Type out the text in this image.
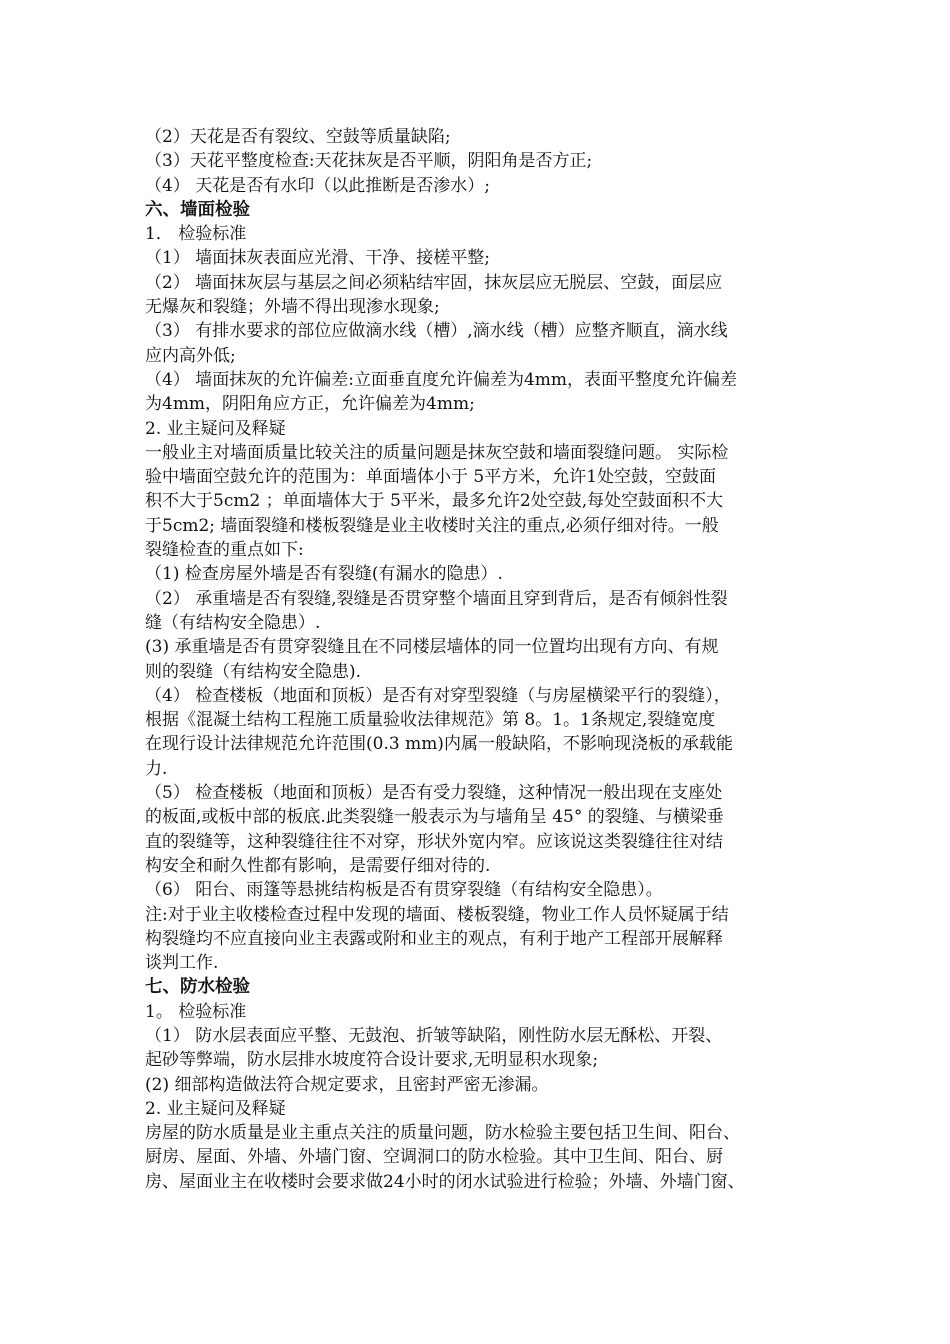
（2）天花是否有裂纹、空鼓等质量缺陷;
（3）天花平整度检查:天花抹灰是否平顺，阴阳角是否方正;
（4） 天花是否有水印（以此推断是否渗水）;
六、墙面检验
1． 检验标准
（1） 墙面抹灰表面应光滑、干净、接槎平整;
（2） 墙面抹灰层与基层之间必须粘结牢固，抹灰层应无脱层、空鼓，面层应
无爆灰和裂缝；外墙不得出现渗水现象;
（3） 有排水要求的部位应做滴水线（槽）,滴水线（槽）应整齐顺直，滴水线
应内高外低;
（4） 墙面抹灰的允许偏差:立面垂直度允许偏差为4mm，表面平整度允许偏差
为4mm，阴阳角应方正，允许偏差为4mm;
2. 业主疑问及释疑
一般业主对墙面质量比较关注的质量问题是抹灰空鼓和墙面裂缝问题。 实际检
验中墙面空鼓允许的范围为：单面墙体小于 5平方米，允许1处空鼓，空鼓面
积不大于5cm2 ；单面墙体大于 5平米，最多允许2处空鼓,每处空鼓面积不大
于5cm2; 墙面裂缝和楼板裂缝是业主收楼时关注的重点,必须仔细对待。一般
裂缝检查的重点如下:
（1) 检查房屋外墙是否有裂缝(有漏水的隐患）.
（2） 承重墙是否有裂缝,裂缝是否贯穿整个墙面且穿到背后，是否有倾斜性裂
缝（有结构安全隐患）.
(3) 承重墙是否有贯穿裂缝且在不同楼层墙体的同一位置均出现有方向、有规
则的裂缝（有结构安全隐患).
（4） 检查楼板（地面和顶板）是否有对穿型裂缝（与房屋横梁平行的裂缝），
根据《混凝土结构工程施工质量验收法律规范》第 8。1。1条规定,裂缝宽度
在现行设计法律规范允许范围(0.3 mm)内属一般缺陷，不影响现浇板的承载能
力.
（5） 检查楼板（地面和顶板）是否有受力裂缝，这种情况一般出现在支座处
的板面,或板中部的板底.此类裂缝一般表示为与墙角呈 45° 的裂缝、与横梁垂
直的裂缝等，这种裂缝往往不对穿，形状外宽内窄。应该说这类裂缝往往对结
构安全和耐久性都有影响，是需要仔细对待的.
（6） 阳台、雨篷等悬挑结构板是否有贯穿裂缝（有结构安全隐患）。
注:对于业主收楼检查过程中发现的墙面、楼板裂缝，物业工作人员怀疑属于结
构裂缝均不应直接向业主表露或附和业主的观点，有利于地产工程部开展解释
谈判工作.
七、防水检验
1。 检验标准
（1） 防水层表面应平整、无鼓泡、折皱等缺陷，刚性防水层无酥松、开裂、
起砂等弊端，防水层排水坡度符合设计要求,无明显积水现象;
(2) 细部构造做法符合规定要求，且密封严密无渗漏。
2. 业主疑问及释疑
房屋的防水质量是业主重点关注的质量问题，防水检验主要包括卫生间、阳台、
厨房、屋面、外墙、外墙门窗、空调洞口的防水检验。其中卫生间、阳台、厨
房、屋面业主在收楼时会要求做24小时的闭水试验进行检验；外墙、外墙门窗、
